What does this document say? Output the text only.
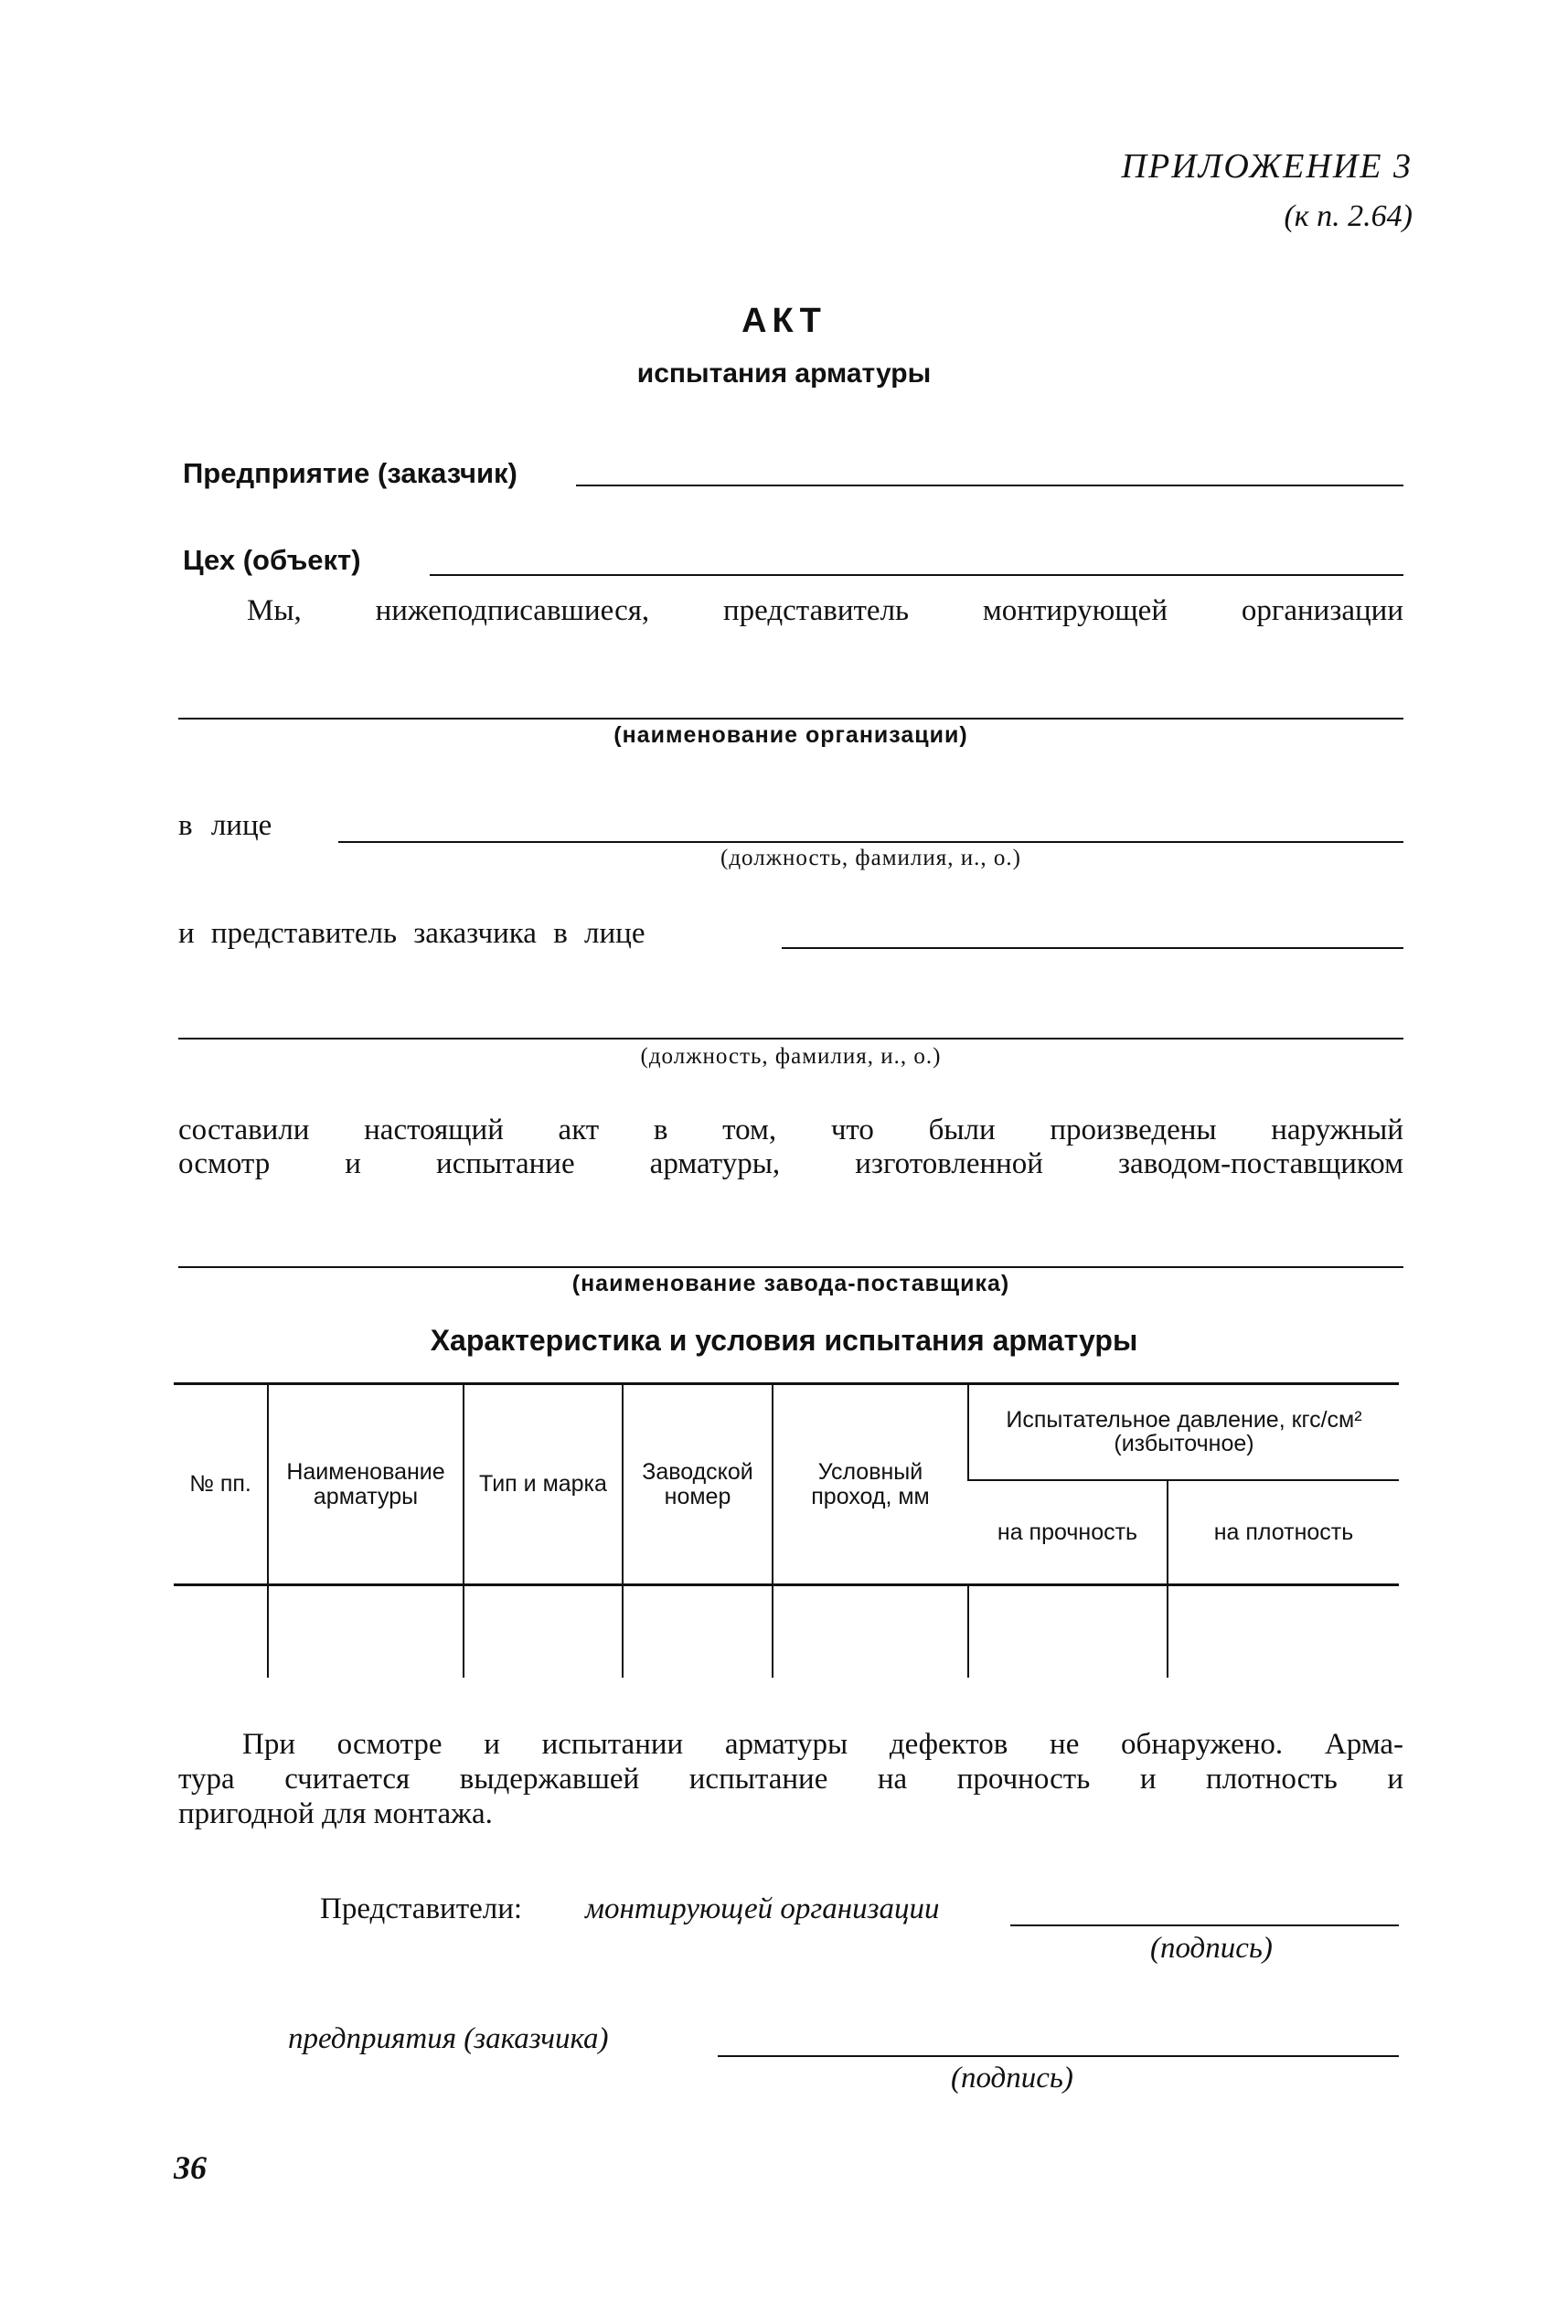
ПРИЛОЖЕНИЕ 3
(к п. 2.64)
АКТ
испытания арматуры
Предприятие (заказчик)
Цех (объект)
Мы, нижеподписавшиеся, представитель монтирующей организации
(наименование организации)
в лице
(должность, фамилия, и., о.)
и представитель заказчика в лице
(должность, фамилия, и., о.)
составили настоящий акт в том, что были произведены наружный
осмотр и испытание арматуры, изготовленной заводом-поставщиком
(наименование завода-поставщика)
Характеристика и условия испытания арматуры
№ пп.	Наименование арматуры	Тип и марка	Заводской номер	Условный проход, мм	Испытательное давление, кгс/см² (избыточное)	
					на прочность	на плотность

При осмотре и испытании арматуры дефектов не обнаружено. Арма-
тура считается выдержавшей испытание на прочность и плотность и
пригодной для монтажа.
Представители: монтирующей организации
(подпись)
предприятия (заказчика)
(подпись)
36
